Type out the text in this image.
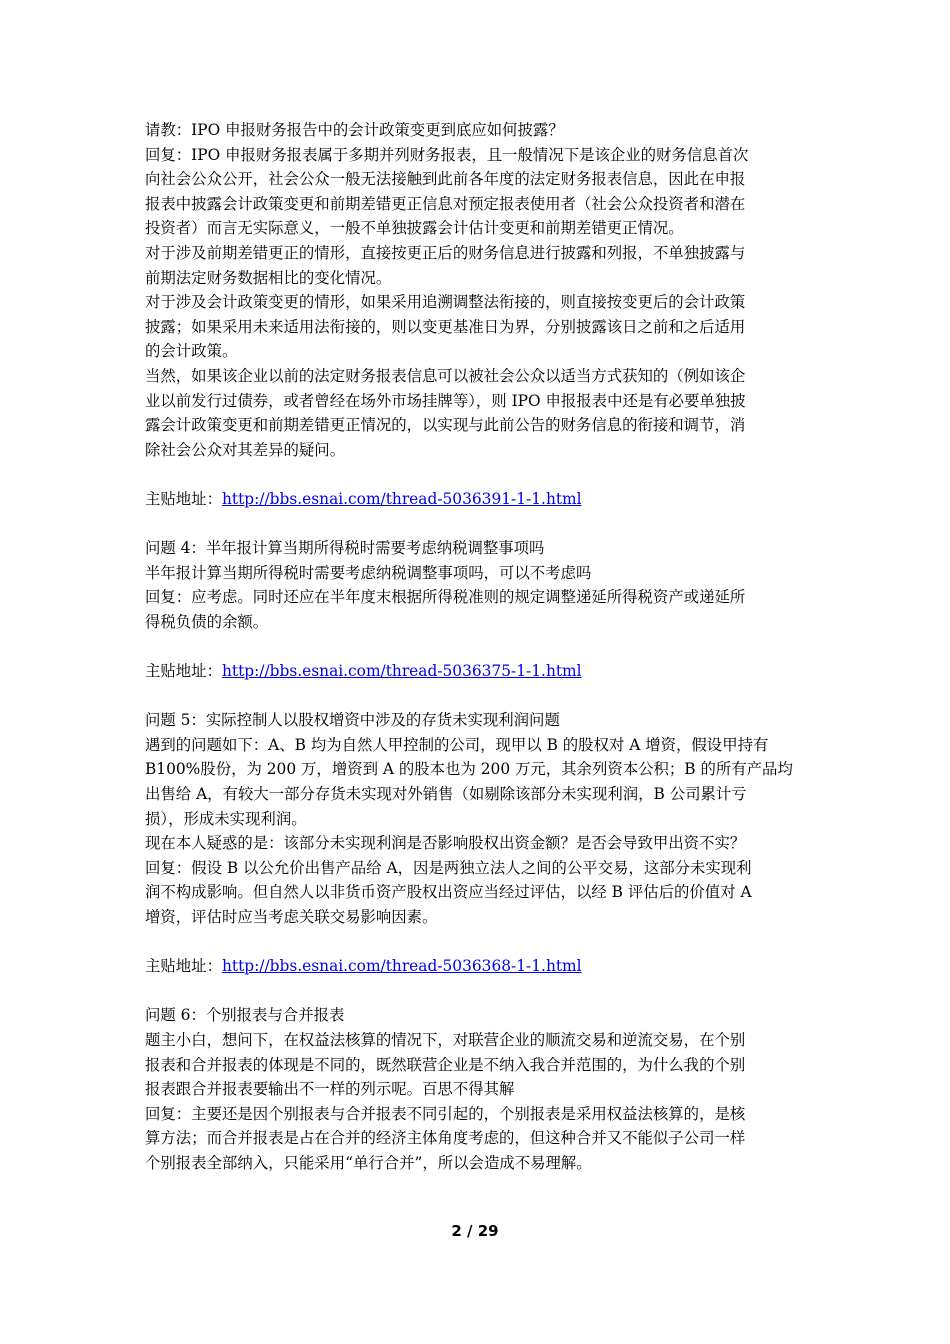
请教：IPO 申报财务报告中的会计政策变更到底应如何披露？
回复：IPO 申报财务报表属于多期并列财务报表，且一般情况下是该企业的财务信息首次
向社会公众公开，社会公众一般无法接触到此前各年度的法定财务报表信息，因此在申报
报表中披露会计政策变更和前期差错更正信息对预定报表使用者（社会公众投资者和潜在
投资者）而言无实际意义，一般不单独披露会计估计变更和前期差错更正情况。
对于涉及前期差错更正的情形，直接按更正后的财务信息进行披露和列报，不单独披露与
前期法定财务数据相比的变化情况。
对于涉及会计政策变更的情形，如果采用追溯调整法衔接的，则直接按变更后的会计政策
披露；如果采用未来适用法衔接的，则以变更基准日为界，分别披露该日之前和之后适用
的会计政策。
当然，如果该企业以前的法定财务报表信息可以被社会公众以适当方式获知的（例如该企
业以前发行过债券，或者曾经在场外市场挂牌等），则 IPO 申报报表中还是有必要单独披
露会计政策变更和前期差错更正情况的，以实现与此前公告的财务信息的衔接和调节，消
除社会公众对其差异的疑问。
主贴地址：http://bbs.esnai.com/thread-5036391-1-1.html
问题 4：半年报计算当期所得税时需要考虑纳税调整事项吗
半年报计算当期所得税时需要考虑纳税调整事项吗，可以不考虑吗
回复：应考虑。同时还应在半年度末根据所得税准则的规定调整递延所得税资产或递延所
得税负债的余额。
主贴地址：http://bbs.esnai.com/thread-5036375-1-1.html
问题 5：实际控制人以股权增资中涉及的存货未实现利润问题
遇到的问题如下：A、B 均为自然人甲控制的公司，现甲以 B 的股权对 A 增资，假设甲持有
B100%股份，为 200 万，增资到 A 的股本也为 200 万元，其余列资本公积；B 的所有产品均
出售给 A，有较大一部分存货未实现对外销售（如剔除该部分未实现利润，B 公司累计亏
损），形成未实现利润。
现在本人疑惑的是：该部分未实现利润是否影响股权出资金额？是否会导致甲出资不实？
回复：假设 B 以公允价出售产品给 A，因是两独立法人之间的公平交易，这部分未实现利
润不构成影响。但自然人以非货币资产股权出资应当经过评估，以经 B 评估后的价值对 A
增资，评估时应当考虑关联交易影响因素。
主贴地址：http://bbs.esnai.com/thread-5036368-1-1.html
问题 6：个别报表与合并报表
题主小白，想问下，在权益法核算的情况下，对联营企业的顺流交易和逆流交易，在个别
报表和合并报表的体现是不同的，既然联营企业是不纳入我合并范围的，为什么我的个别
报表跟合并报表要输出不一样的列示呢。百思不得其解
回复：主要还是因个别报表与合并报表不同引起的，个别报表是采用权益法核算的，是核
算方法；而合并报表是占在合并的经济主体角度考虑的，但这种合并又不能似子公司一样
个别报表全部纳入，只能采用“单行合并”，所以会造成不易理解。
2 / 29
